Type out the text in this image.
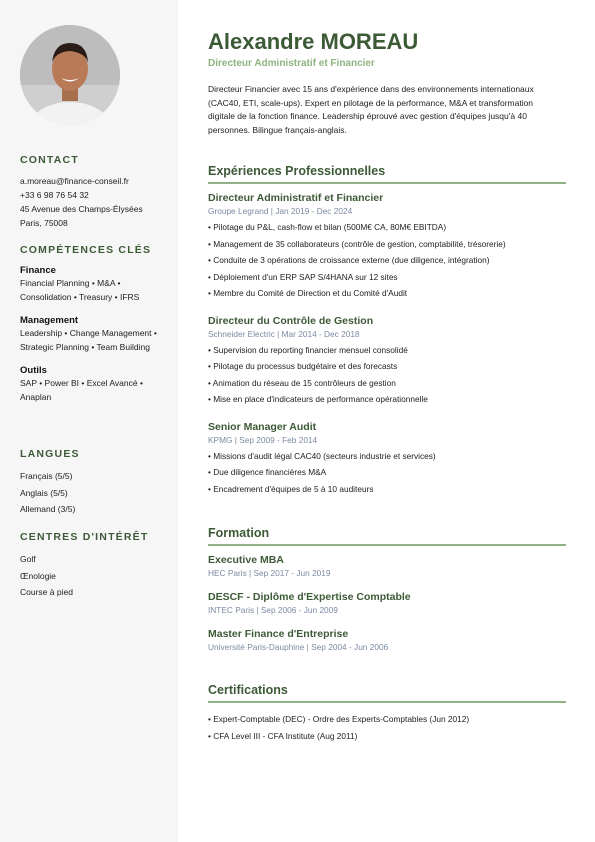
CONTACT
a.moreau@finance-conseil.fr
+33 6 98 76 54 32
45 Avenue des Champs-Élysées
Paris, 75008
COMPÉTENCES CLÉS
Finance
Financial Planning • M&A • Consolidation • Treasury • IFRS
Management
Leadership • Change Management • Strategic Planning • Team Building
Outils
SAP • Power BI • Excel Avancé • Anaplan
LANGUES
Français (5/5)
Anglais (5/5)
Allemand (3/5)
CENTRES D'INTÉRÊT
Golf
Œnologie
Course à pied
Alexandre MOREAU
Directeur Administratif et Financier
Directeur Financier avec 15 ans d'expérience dans des environnements internationaux (CAC40, ETI, scale-ups). Expert en pilotage de la performance, M&A et transformation digitale de la fonction finance. Leadership éprouvé avec gestion d'équipes jusqu'à 40 personnes. Bilingue français-anglais.
Expériences Professionnelles
Directeur Administratif et Financier
Groupe Legrand | Jan 2019 - Dec 2024
• Pilotage du P&L, cash-flow et bilan (500M€ CA, 80M€ EBITDA)
• Management de 35 collaborateurs (contrôle de gestion, comptabilité, trésorerie)
• Conduite de 3 opérations de croissance externe (due diligence, intégration)
• Déploiement d'un ERP SAP S/4HANA sur 12 sites
• Membre du Comité de Direction et du Comité d'Audit
Directeur du Contrôle de Gestion
Schneider Electric | Mar 2014 - Dec 2018
• Supervision du reporting financier mensuel consolidé
• Pilotage du processus budgétaire et des forecasts
• Animation du réseau de 15 contrôleurs de gestion
• Mise en place d'indicateurs de performance opérationnelle
Senior Manager Audit
KPMG | Sep 2009 - Feb 2014
• Missions d'audit légal CAC40 (secteurs industrie et services)
• Due diligence financières M&A
• Encadrement d'équipes de 5 à 10 auditeurs
Formation
Executive MBA
HEC Paris | Sep 2017 - Jun 2019
DESCF - Diplôme d'Expertise Comptable
INTEC Paris | Sep 2006 - Jun 2009
Master Finance d'Entreprise
Université Paris-Dauphine | Sep 2004 - Jun 2006
Certifications
• Expert-Comptable (DEC) - Ordre des Experts-Comptables (Jun 2012)
• CFA Level III - CFA Institute (Aug 2011)
